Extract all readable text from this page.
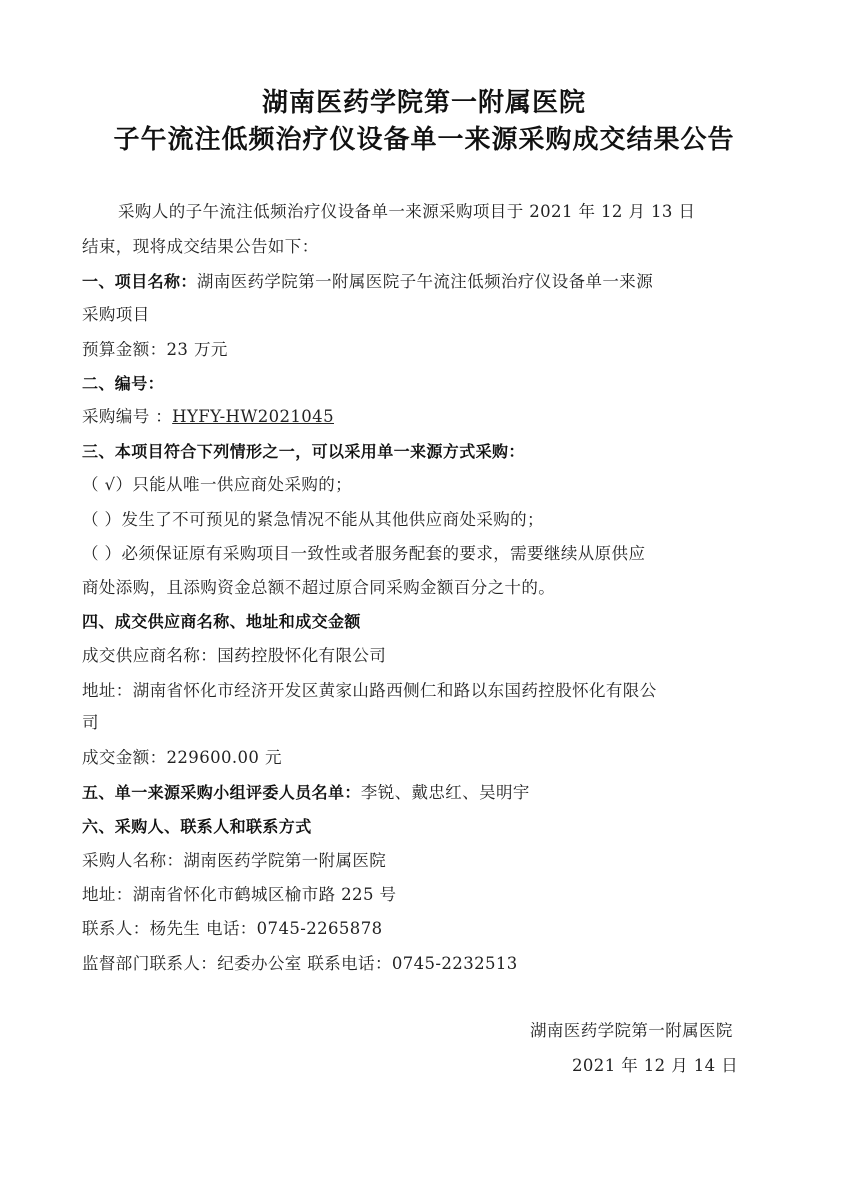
湖南医药学院第一附属医院
子午流注低频治疗仪设备单一来源采购成交结果公告
采购人的子午流注低频治疗仪设备单一来源采购项目于 2021 年 12 月 13 日
结束，现将成交结果公告如下：
一、项目名称：湖南医药学院第一附属医院子午流注低频治疗仪设备单一来源
采购项目
预算金额：23 万元
二、编号：
采购编号 ：HYFY-HW2021045
三、本项目符合下列情形之一，可以采用单一来源方式采购：
（ √）只能从唯一供应商处采购的；
（ ）发生了不可预见的紧急情况不能从其他供应商处采购的；
（ ）必须保证原有采购项目一致性或者服务配套的要求，需要继续从原供应
商处添购，且添购资金总额不超过原合同采购金额百分之十的。
四、成交供应商名称、地址和成交金额
成交供应商名称：国药控股怀化有限公司
地址：湖南省怀化市经济开发区黄家山路西侧仁和路以东国药控股怀化有限公
司
成交金额：229600.00 元
五、单一来源采购小组评委人员名单：李锐、戴忠红、吴明宇
六、采购人、联系人和联系方式
采购人名称：湖南医药学院第一附属医院
地址：湖南省怀化市鹤城区榆市路 225 号
联系人：杨先生 电话：0745-2265878
监督部门联系人：纪委办公室 联系电话：0745-2232513
湖南医药学院第一附属医院
2021 年 12 月 14 日
